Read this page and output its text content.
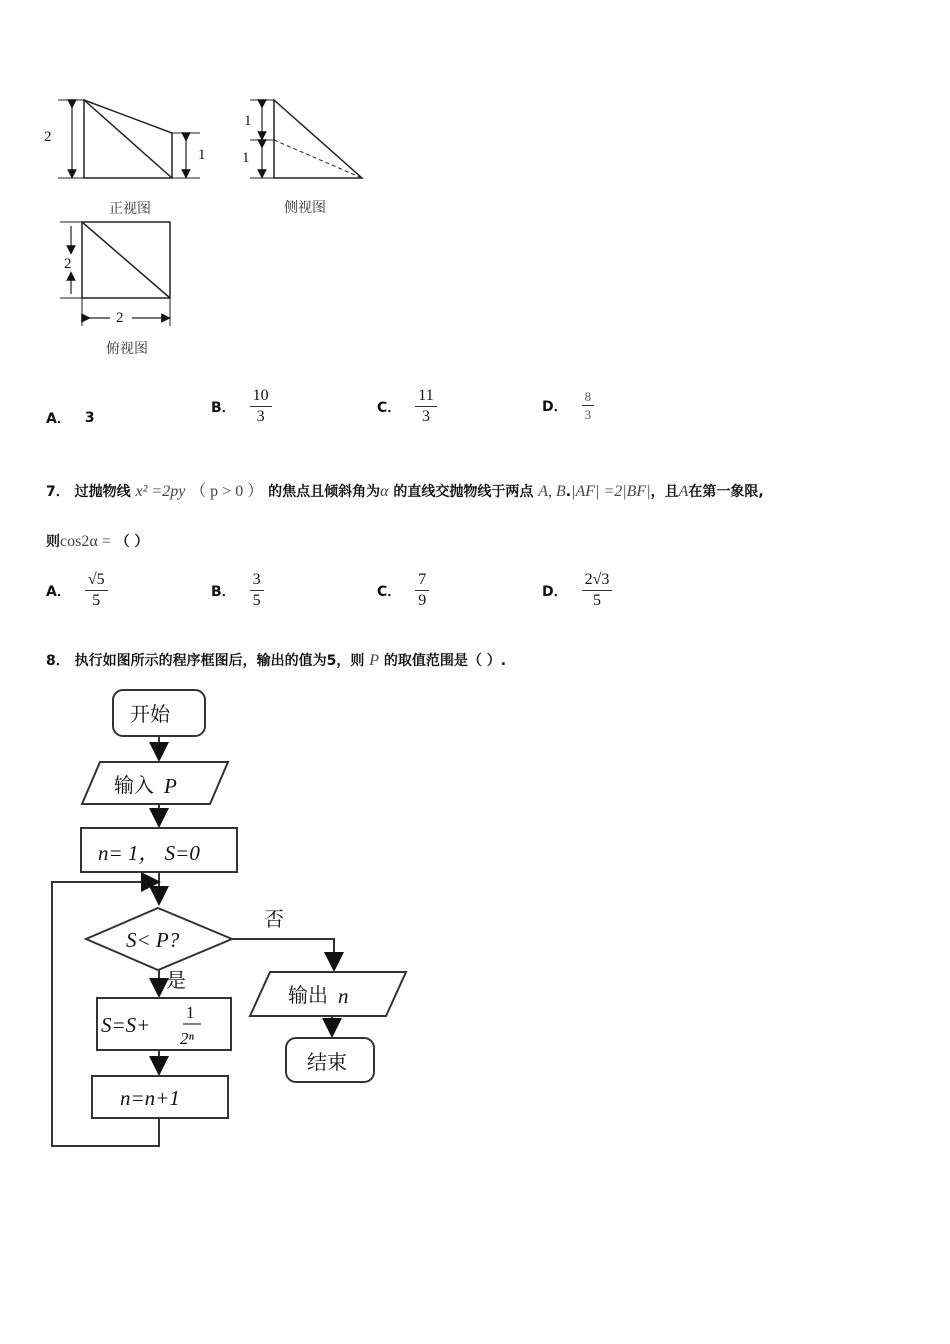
2
1
正视图
1
1
侧视图
2
2
俯视图
A． 3
B． $\frac{10}{3}$	C． $\frac{11}{3}$	D． $\frac{8}{3}$
7． 过抛物线 x² =2py （ p > 0 ） 的焦点且倾斜角为α 的直线交抛物线于两点 A, B.|AF| =2|BF|，且A在第一象限,
则cos2α = （ ）
A． $\frac{√5}{5}$	B． $\frac{3}{5}$	C． $\frac{7}{9}$	D． $\frac{2√3}{5}$
8． 执行如图所示的程序框图后，输出的值为5，则 P 的取值范围是（ ）.
开始
输入 P
n= 1， S=0
S< P?
否
是
S=S+
1
2ⁿ
n=n+1
输出 n
结束
